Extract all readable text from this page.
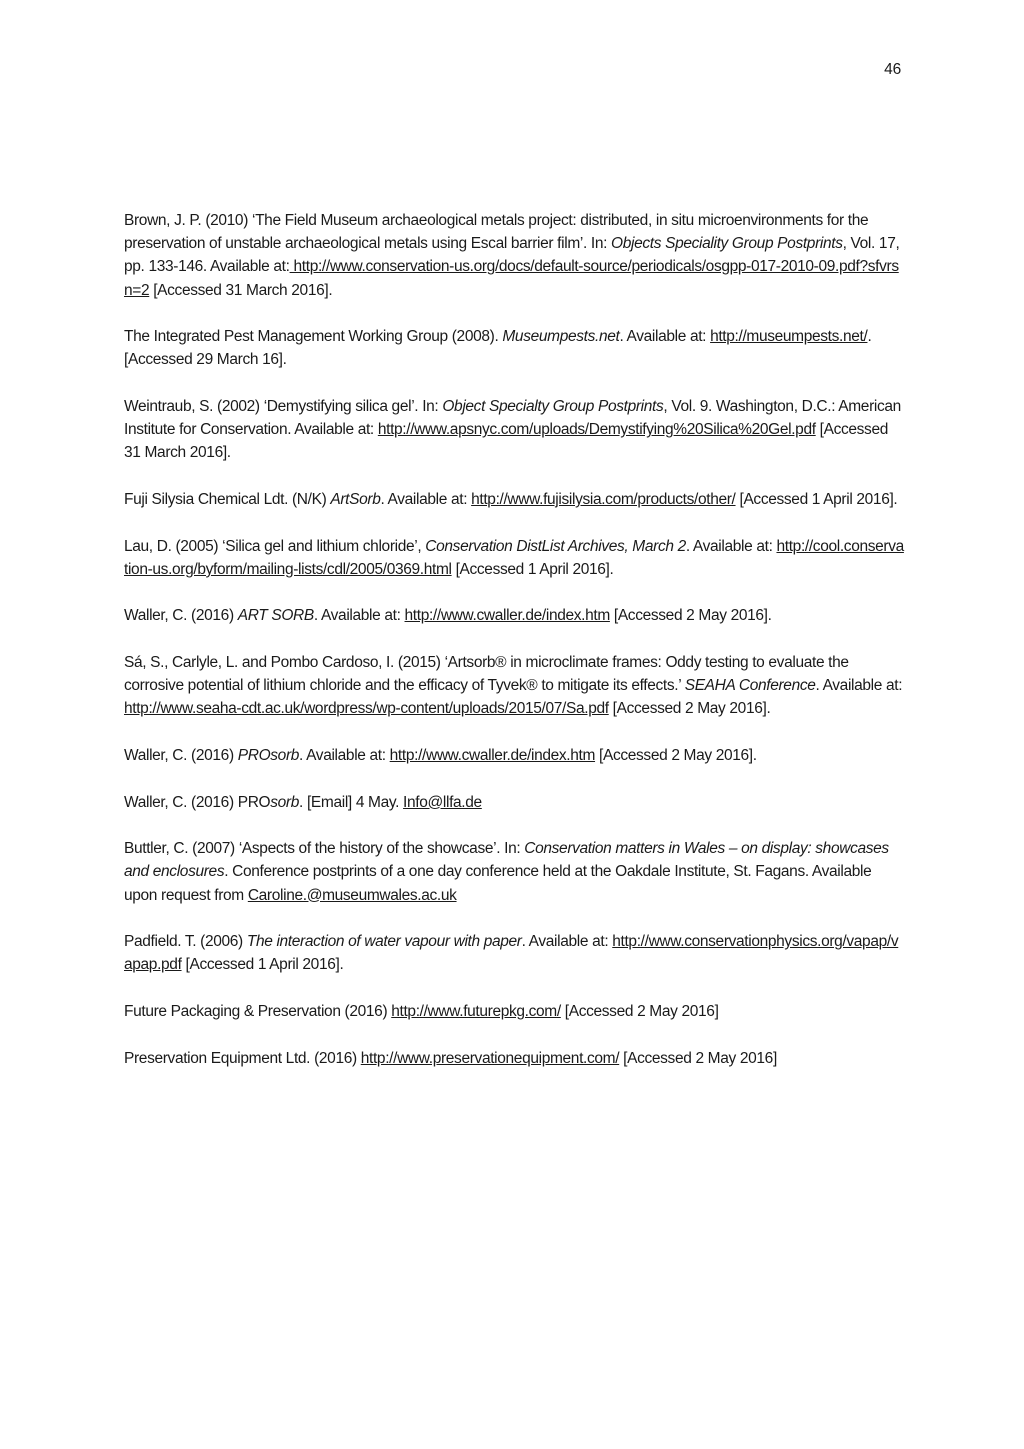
46

Brown, J. P. (2010) ‘The Field Museum archaeological metals project: distributed, in situ microenvironments for the preservation of unstable archaeological metals using Escal barrier film’. In: Objects Speciality Group Postprints, Vol. 17, pp. 133-146. Available at: http://www.conservation-us.org/docs/default-source/periodicals/osgpp-017-2010-09.pdf?sfvrsn=2 [Accessed 31 March 2016].

The Integrated Pest Management Working Group (2008). Museumpests.net. Available at: http://museumpests.net/. [Accessed 29 March 16].

Weintraub, S. (2002) ‘Demystifying silica gel’. In: Object Specialty Group Postprints, Vol. 9. Washington, D.C.: American Institute for Conservation. Available at: http://www.apsnyc.com/uploads/Demystifying%20Silica%20Gel.pdf [Accessed 31 March 2016].

Fuji Silysia Chemical Ldt. (N/K) ArtSorb. Available at: http://www.fujisilysia.com/products/other/ [Accessed 1 April 2016].

Lau, D. (2005) ‘Silica gel and lithium chloride’, Conservation DistList Archives, March 2. Available at: http://cool.conservation-us.org/byform/mailing-lists/cdl/2005/0369.html [Accessed 1 April 2016].

Waller, C. (2016) ART SORB. Available at: http://www.cwaller.de/index.htm [Accessed 2 May 2016].

Sá, S., Carlyle, L. and Pombo Cardoso, I. (2015) ‘Artsorb® in microclimate frames: Oddy testing to evaluate the corrosive potential of lithium chloride and the efficacy of Tyvek® to mitigate its effects.’ SEAHA Conference. Available at: http://www.seaha-cdt.ac.uk/wordpress/wp-content/uploads/2015/07/Sa.pdf [Accessed 2 May 2016].

Waller, C. (2016) PROsorb. Available at: http://www.cwaller.de/index.htm [Accessed 2 May 2016].

Waller, C. (2016) PROsorb. [Email] 4 May. Info@llfa.de

Buttler, C. (2007) ‘Aspects of the history of the showcase’. In: Conservation matters in Wales – on display: showcases and enclosures. Conference postprints of a one day conference held at the Oakdale Institute, St. Fagans. Available upon request from Caroline.@museumwales.ac.uk

Padfield. T. (2006) The interaction of water vapour with paper. Available at: http://www.conservationphysics.org/vapap/vapap.pdf [Accessed 1 April 2016].

Future Packaging & Preservation (2016) http://www.futurepkg.com/ [Accessed 2 May 2016]

Preservation Equipment Ltd. (2016) http://www.preservationequipment.com/ [Accessed 2 May 2016]
